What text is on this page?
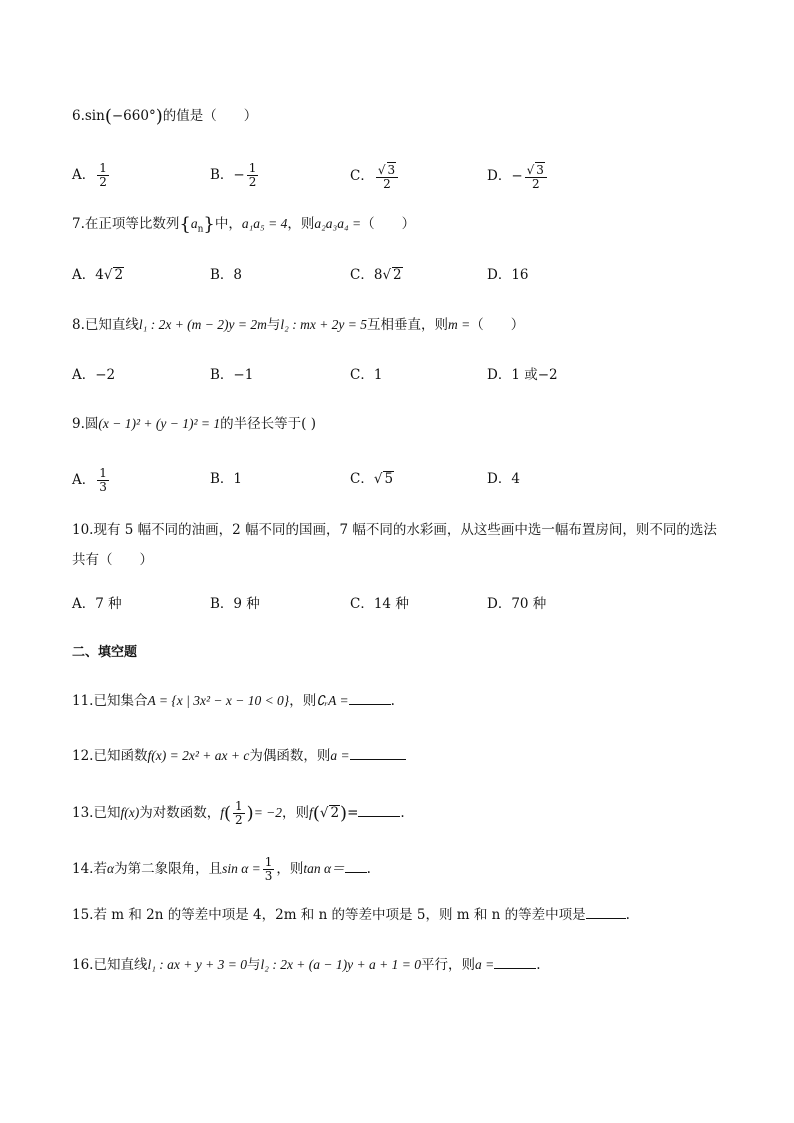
6.sin(−660°)的值是（　　）
A． $\frac{1}{2}$	B．− $\frac{1}{2}$	C． $\frac{√ 3}{2}$	D．− $\frac{√ 3}{2}$
7.在正项等比数列$\{a_n\}$中，a₁a₅ = 4，则a₂a₃a₄ =（　　）
A．4√ 2	B．8	C．8√ 2	D．16
8.已知直线l₁ : 2x + (m − 2)y = 2m与l₂ : mx + 2y = 5互相垂直，则m =（　　）
A．−2	B．−1	C．1	D．1 或−2
9.圆(x − 1)² + (y − 1)² = 1的半径长等于( )
A． $\frac{1}{3}$	B．1	C．√ 5	D．4
10.现有 5 幅不同的油画，2 幅不同的国画，7 幅不同的水彩画，从这些画中选一幅布置房间，则不同的选法
共有（　　）
A．7 种	B．9 种	C．14 种	D．70 种
二、填空题
11.已知集合A = {x | 3x² − x − 10 < 0}，则∁ᵣA =	.
12.已知函数f(x) = 2x² + ax + c为偶函数，则a =
13.已知f(x)为对数函数，$f( \frac{1}{2}$ )= −2，则f(√ 2)=	.
14.若α为第二象限角，且$\sin \alpha = \frac{1}{3}$ ，则tan α＝ .
15.若 m 和 2n 的等差中项是 4，2m 和 n 的等差中项是 5，则 m 和 n 的等差中项是	.
16.已知直线l₁ : ax + y + 3 = 0与l₂ : 2x + (a − 1)y + a + 1 = 0平行，则a =	.
